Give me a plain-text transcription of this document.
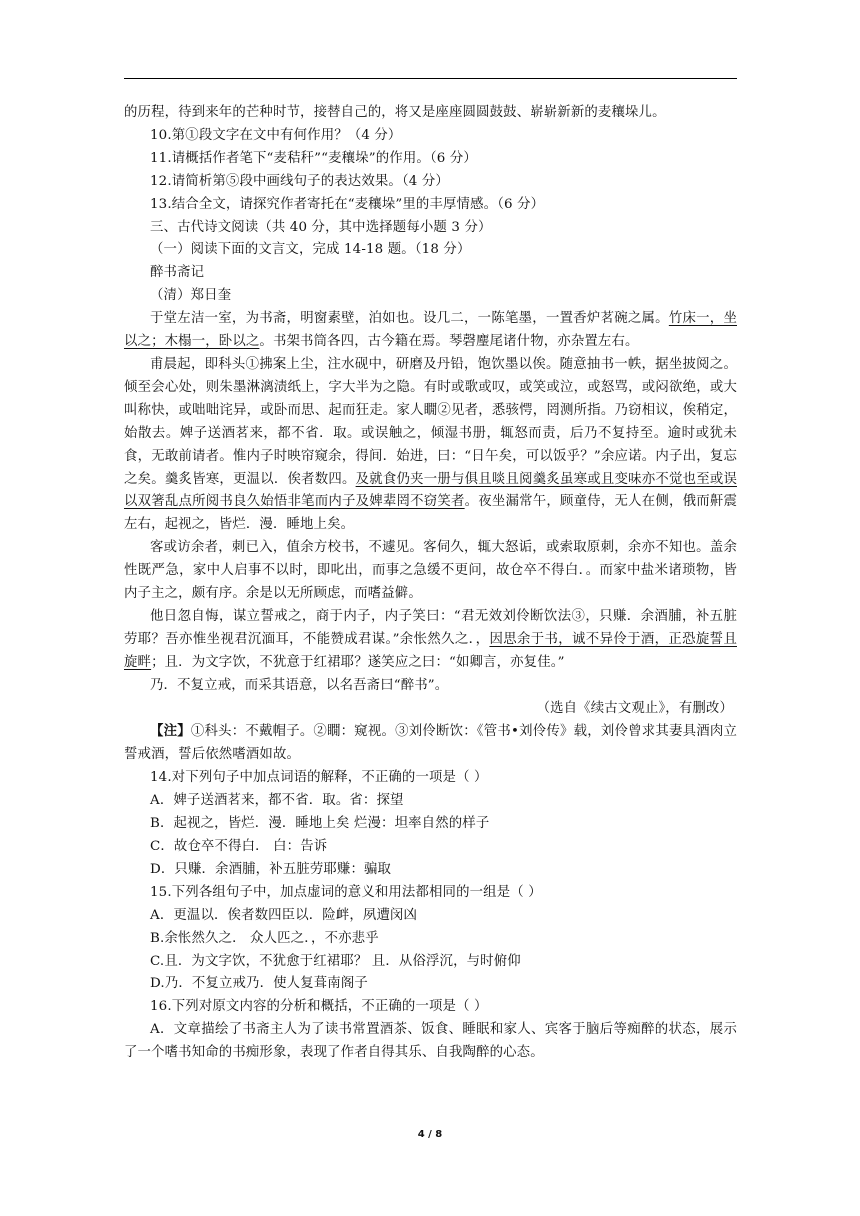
的历程，待到来年的芒种时节，接替自己的，将又是座座圆圆鼓鼓、崭崭新新的麦穰垛儿。

10.第①段文字在文中有何作用？（4 分）

11.请概括作者笔下“麦秸秆”“麦穰垛”的作用。（6 分）

12.请简析第⑤段中画线句子的表达效果。（4 分）

13.结合全文，请探究作者寄托在“麦穰垛”里的丰厚情感。（6 分）

三、古代诗文阅读（共 40 分，其中选择题每小题 3 分）

（一）阅读下面的文言文，完成 14-18 题。（18 分）

醉书斋记

（清）郑日奎

于堂左洁一室，为书斋，明窗素壁，泊如也。设几二，一陈笔墨，一置香炉茗碗之属。竹床一，坐以之；木榻一，卧以之。书架书筒各四，古今籍在焉。琴磬麈尾诸什物，亦杂置左右。

甫晨起，即科头①拂案上尘，注水砚中，研磨及丹铅，饱饮墨以俟。随意抽书一帙，据坐披阅之。倾至会心处，则朱墨淋漓渍纸上，字大半为之隐。有时或歌或叹，或笑或泣，或怒骂，或闷欲绝，或大叫称快，或咄咄诧异，或卧而思、起而狂走。家人瞯②见者，悉骇愕，罔测所指。乃窃相议，俟稍定，始散去。婢子送酒茗来，都不省．取。或误触之，倾湿书册，辄怒而责，后乃不复持至。逾时或犹未食，无敢前请者。惟内子时映帘窥余，得间．始进，曰：“日午矣，可以饭乎？”余应诺。内子出，复忘之矣。羹炙皆寒，更温以．俟者数四。及就食仍夹一册与俱且啖且阅羹炙虽寒或且变味亦不觉也至或误以双箸乱点所阅书良久始悟非笔而内子及婢辈罔不窃笑者。夜坐漏常午，顾童侍，无人在侧，俄而鼾震左右，起视之，皆烂．漫．睡地上矣。

客或访余者，刺已入，值余方校书，不遽见。客伺久，辄大怒诟，或索取原刺，余亦不知也。盖余性既严急，家中人启事不以时，即叱出，而事之急缓不更问，故仓卒不得白．。而家中盐米诸琐物，皆内子主之，颇有序。余是以无所顾虑，而嗜益僻。

他日忽自悔，谋立誓戒之，商于内子，内子笑曰：“君无效刘伶断饮法③，只赚．余酒脯，补五脏劳耶？吾亦惟坐视君沉湎耳，不能赞成君谋。”余怅然久之．，因思余于书，诚不异伶于酒，正恐旋誓且旋畔；且．为文字饮，不犹意于红裙耶？遂笑应之曰：“如卿言，亦复佳。”

乃．不复立戒，而采其语意，以名吾斋曰“醉书”。

（选自《续古文观止》，有删改）

【注】①科头：不戴帽子。②瞯：窥视。③刘伶断饮：《管书•刘伶传》载，刘伶曾求其妻具酒肉立誓戒酒，誓后依然嗜酒如故。

14.对下列句子中加点词语的解释，不正确的一项是（ ）

A．婢子送酒茗来，都不省．取。省：探望

B．起视之，皆烂．漫．睡地上矣 烂漫：坦率自然的样子

C．故仓卒不得白． 白：告诉

D．只赚．余酒脯，补五脏劳耶赚：骗取

15.下列各组句子中，加点虚词的意义和用法都相同的一组是（ ）

A．更温以．俟者数四臣以．险衅，夙遭闵凶

B.余怅然久之． 众人匹之．，不亦悲乎

C.且．为文字饮，不犹愈于红裙耶？ 且．从俗浮沉，与时俯仰

D.乃．不复立戒乃．使人复葺南阁子

16.下列对原文内容的分析和概括，不正确的一项是（ ）

A．文章描绘了书斋主人为了读书常置酒茶、饭食、睡眠和家人、宾客于脑后等痴醉的状态，展示了一个嗜书知命的书痴形象，表现了作者自得其乐、自我陶醉的心态。

4 / 8
